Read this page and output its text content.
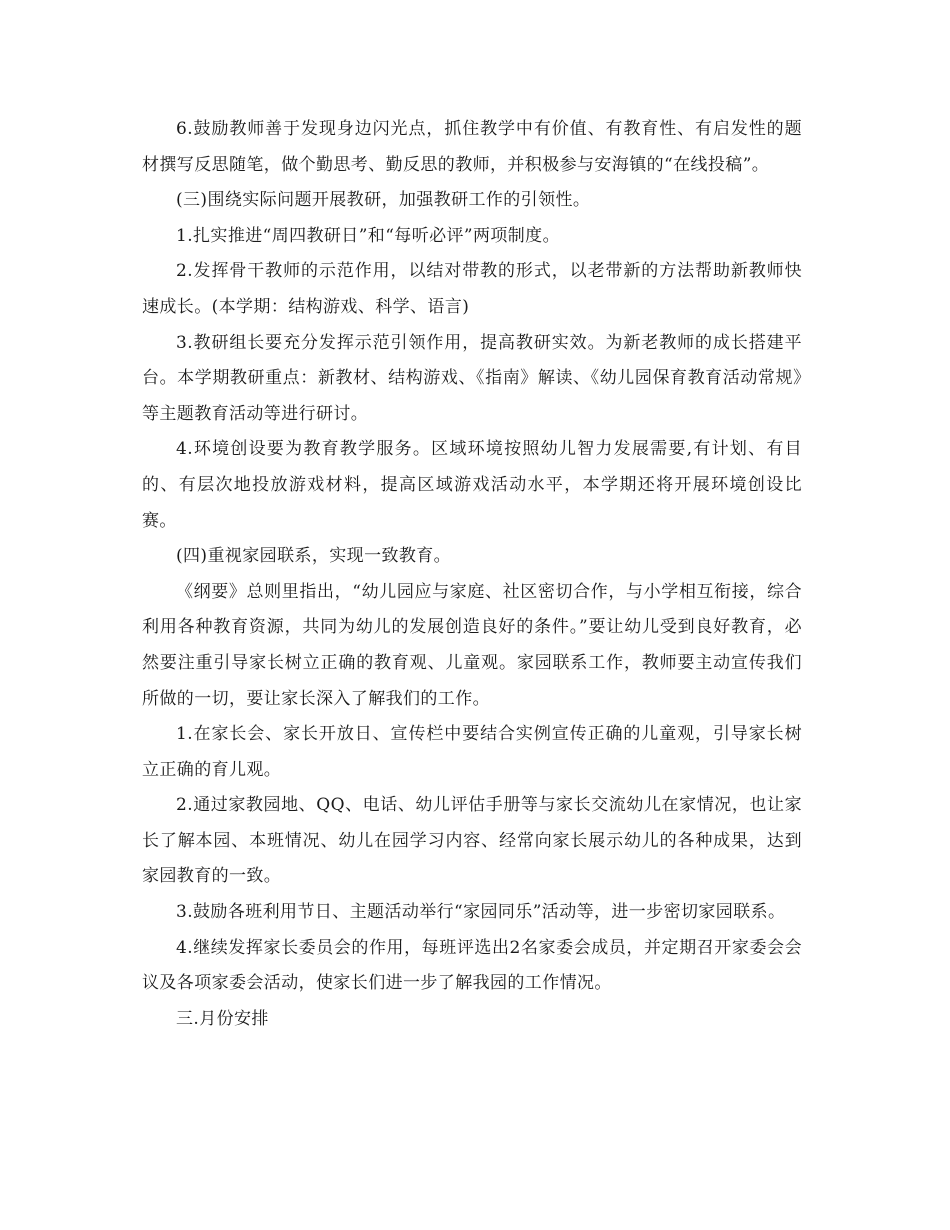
6.鼓励教师善于发现身边闪光点，抓住教学中有价值、有教育性、有启发性的题材撰写反思随笔，做个勤思考、勤反思的教师，并积极参与安海镇的“在线投稿”。

(三)围绕实际问题开展教研，加强教研工作的引领性。

1.扎实推进“周四教研日”和“每听必评”两项制度。

2.发挥骨干教师的示范作用，以结对带教的形式，以老带新的方法帮助新教师快速成长。(本学期：结构游戏、科学、语言)

3.教研组长要充分发挥示范引领作用，提高教研实效。为新老教师的成长搭建平台。本学期教研重点：新教材、结构游戏、《指南》解读、《幼儿园保育教育活动常规》等主题教育活动等进行研讨。

4.环境创设要为教育教学服务。区域环境按照幼儿智力发展需要,有计划、有目的、有层次地投放游戏材料，提高区域游戏活动水平，本学期还将开展环境创设比赛。

(四)重视家园联系，实现一致教育。

《纲要》总则里指出，“幼儿园应与家庭、社区密切合作，与小学相互衔接，综合利用各种教育资源，共同为幼儿的发展创造良好的条件。”要让幼儿受到良好教育，必然要注重引导家长树立正确的教育观、儿童观。家园联系工作，教师要主动宣传我们所做的一切，要让家长深入了解我们的工作。

1.在家长会、家长开放日、宣传栏中要结合实例宣传正确的儿童观，引导家长树立正确的育儿观。

2.通过家教园地、QQ、电话、幼儿评估手册等与家长交流幼儿在家情况，也让家长了解本园、本班情况、幼儿在园学习内容、经常向家长展示幼儿的各种成果，达到家园教育的一致。

3.鼓励各班利用节日、主题活动举行“家园同乐”活动等，进一步密切家园联系。

4.继续发挥家长委员会的作用，每班评选出2名家委会成员，并定期召开家委会会议及各项家委会活动，使家长们进一步了解我园的工作情况。

三.月份安排
